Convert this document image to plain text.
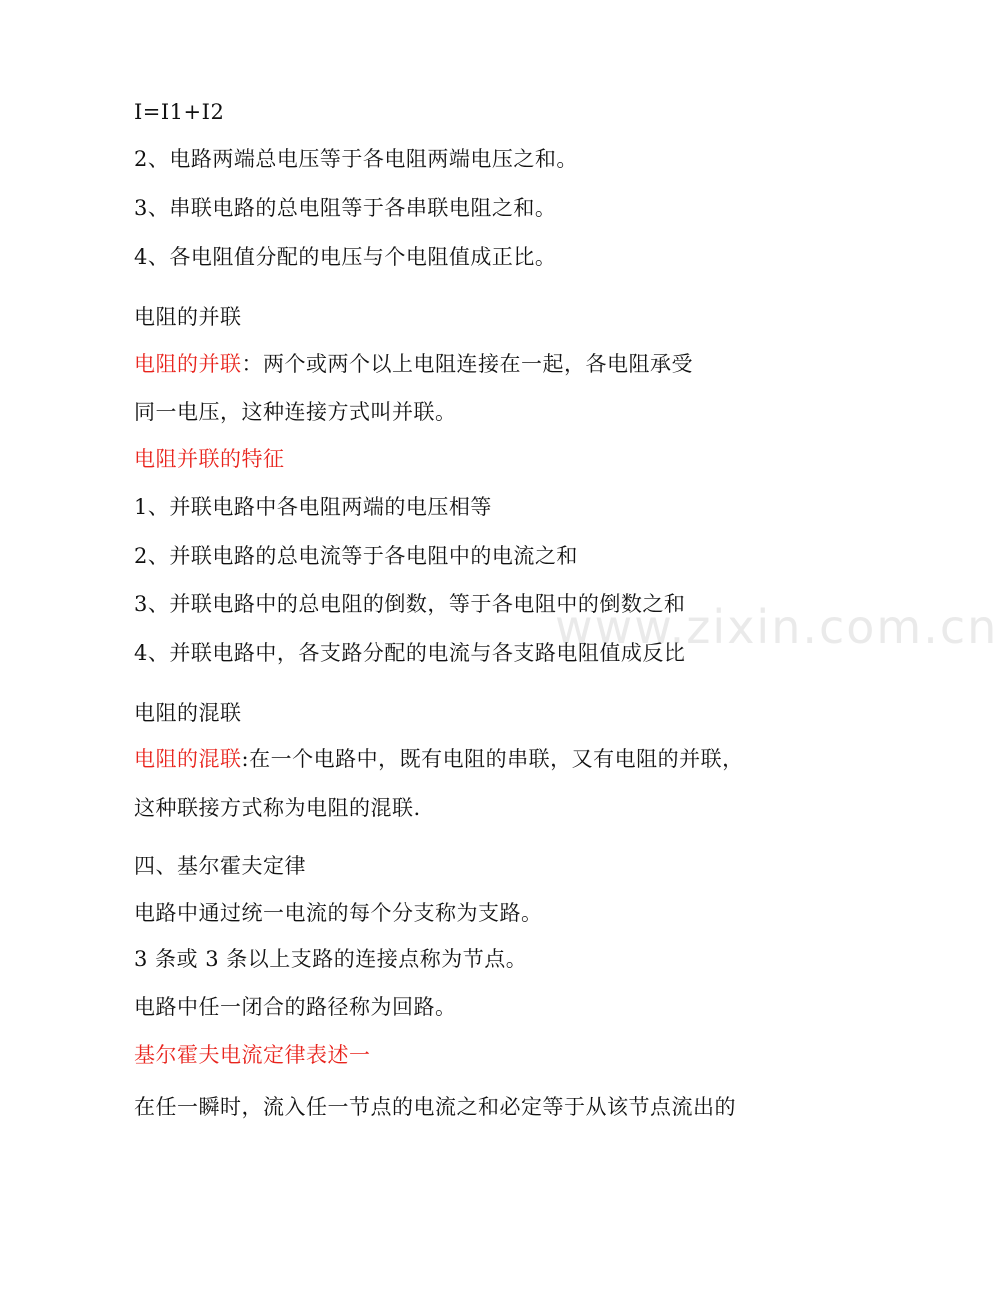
www.zixin.com.cn
I=I1+I2
2、电路两端总电压等于各电阻两端电压之和。
3、串联电路的总电阻等于各串联电阻之和。
4、各电阻值分配的电压与个电阻值成正比。
电阻的并联
电阻的并联：两个或两个以上电阻连接在一起，各电阻承受
同一电压，这种连接方式叫并联。
电阻并联的特征
1、并联电路中各电阻两端的电压相等
2、并联电路的总电流等于各电阻中的电流之和
3、并联电路中的总电阻的倒数，等于各电阻中的倒数之和
4、并联电路中，各支路分配的电流与各支路电阻值成反比
电阻的混联
电阻的混联:在一个电路中，既有电阻的串联，又有电阻的并联，
这种联接方式称为电阻的混联.
四、基尔霍夫定律
电路中通过统一电流的每个分支称为支路。
3 条或 3 条以上支路的连接点称为节点。
电路中任一闭合的路径称为回路。
基尔霍夫电流定律表述一
在任一瞬时，流入任一节点的电流之和必定等于从该节点流出的
